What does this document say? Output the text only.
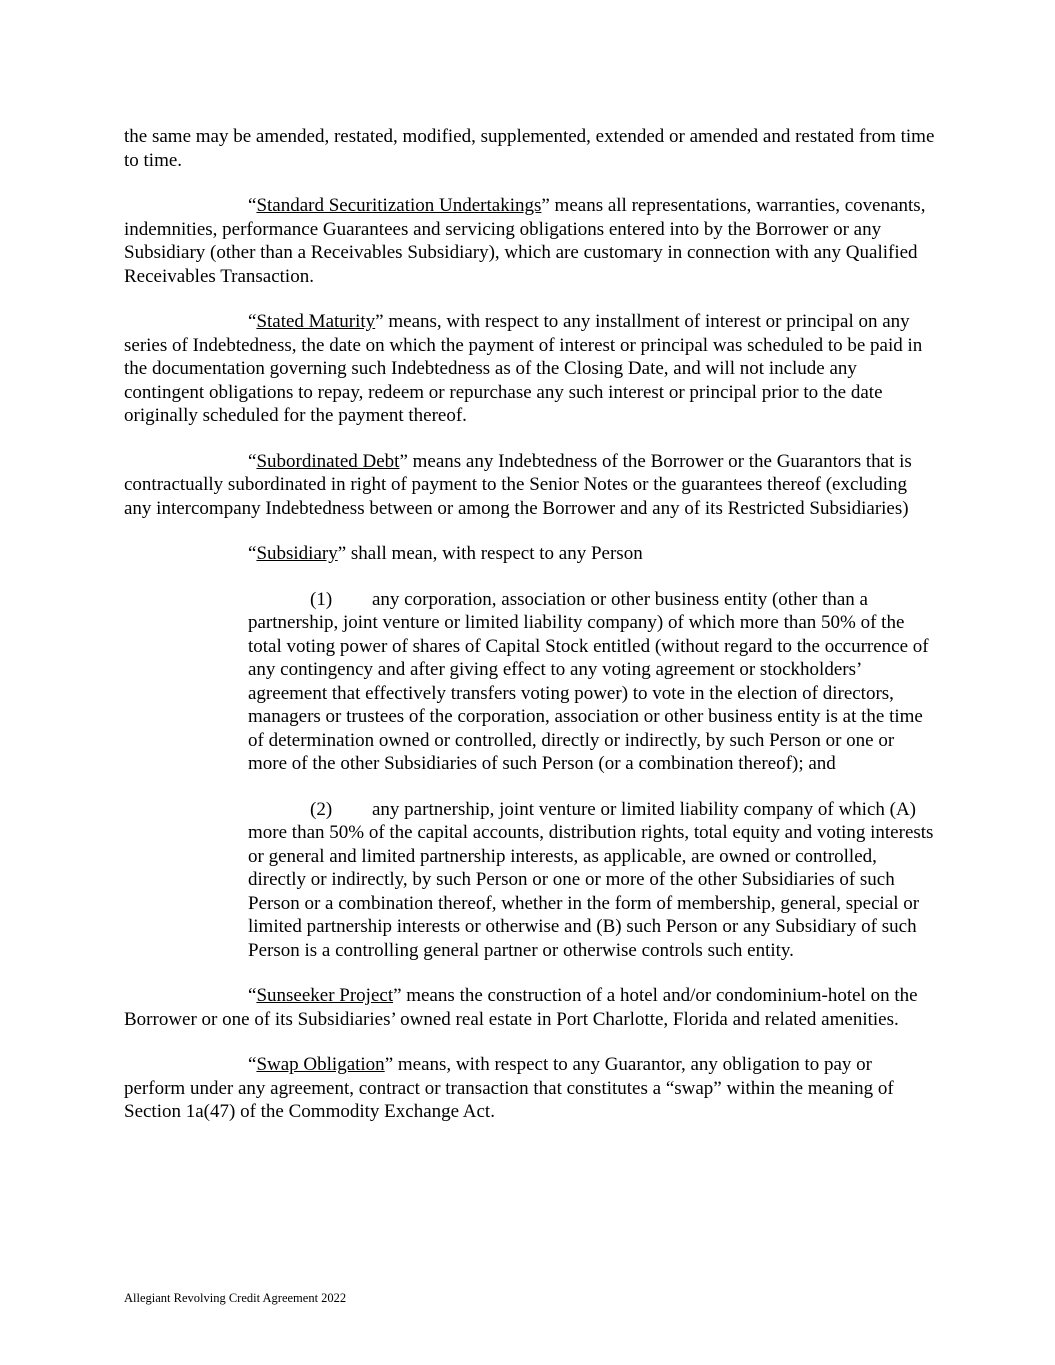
the same may be amended, restated, modified, supplemented, extended or amended and restated from time to time.

“Standard Securitization Undertakings” means all representations, warranties, covenants, indemnities, performance Guarantees and servicing obligations entered into by the Borrower or any Subsidiary (other than a Receivables Subsidiary), which are customary in connection with any Qualified Receivables Transaction.

“Stated Maturity” means, with respect to any installment of interest or principal on any series of Indebtedness, the date on which the payment of interest or principal was scheduled to be paid in the documentation governing such Indebtedness as of the Closing Date, and will not include any contingent obligations to repay, redeem or repurchase any such interest or principal prior to the date originally scheduled for the payment thereof.

“Subordinated Debt” means any Indebtedness of the Borrower or the Guarantors that is contractually subordinated in right of payment to the Senior Notes or the guarantees thereof (excluding any intercompany Indebtedness between or among the Borrower and any of its Restricted Subsidiaries)

“Subsidiary” shall mean, with respect to any Person

(1) any corporation, association or other business entity (other than a partnership, joint venture or limited liability company) of which more than 50% of the total voting power of shares of Capital Stock entitled (without regard to the occurrence of any contingency and after giving effect to any voting agreement or stockholders’ agreement that effectively transfers voting power) to vote in the election of directors, managers or trustees of the corporation, association or other business entity is at the time of determination owned or controlled, directly or indirectly, by such Person or one or more of the other Subsidiaries of such Person (or a combination thereof); and

(2) any partnership, joint venture or limited liability company of which (A) more than 50% of the capital accounts, distribution rights, total equity and voting interests or general and limited partnership interests, as applicable, are owned or controlled, directly or indirectly, by such Person or one or more of the other Subsidiaries of such Person or a combination thereof, whether in the form of membership, general, special or limited partnership interests or otherwise and (B) such Person or any Subsidiary of such Person is a controlling general partner or otherwise controls such entity.

“Sunseeker Project” means the construction of a hotel and/or condominium-hotel on the Borrower or one of its Subsidiaries’ owned real estate in Port Charlotte, Florida and related amenities.

“Swap Obligation” means, with respect to any Guarantor, any obligation to pay or perform under any agreement, contract or transaction that constitutes a “swap” within the meaning of Section 1a(47) of the Commodity Exchange Act.

Allegiant Revolving Credit Agreement 2022
